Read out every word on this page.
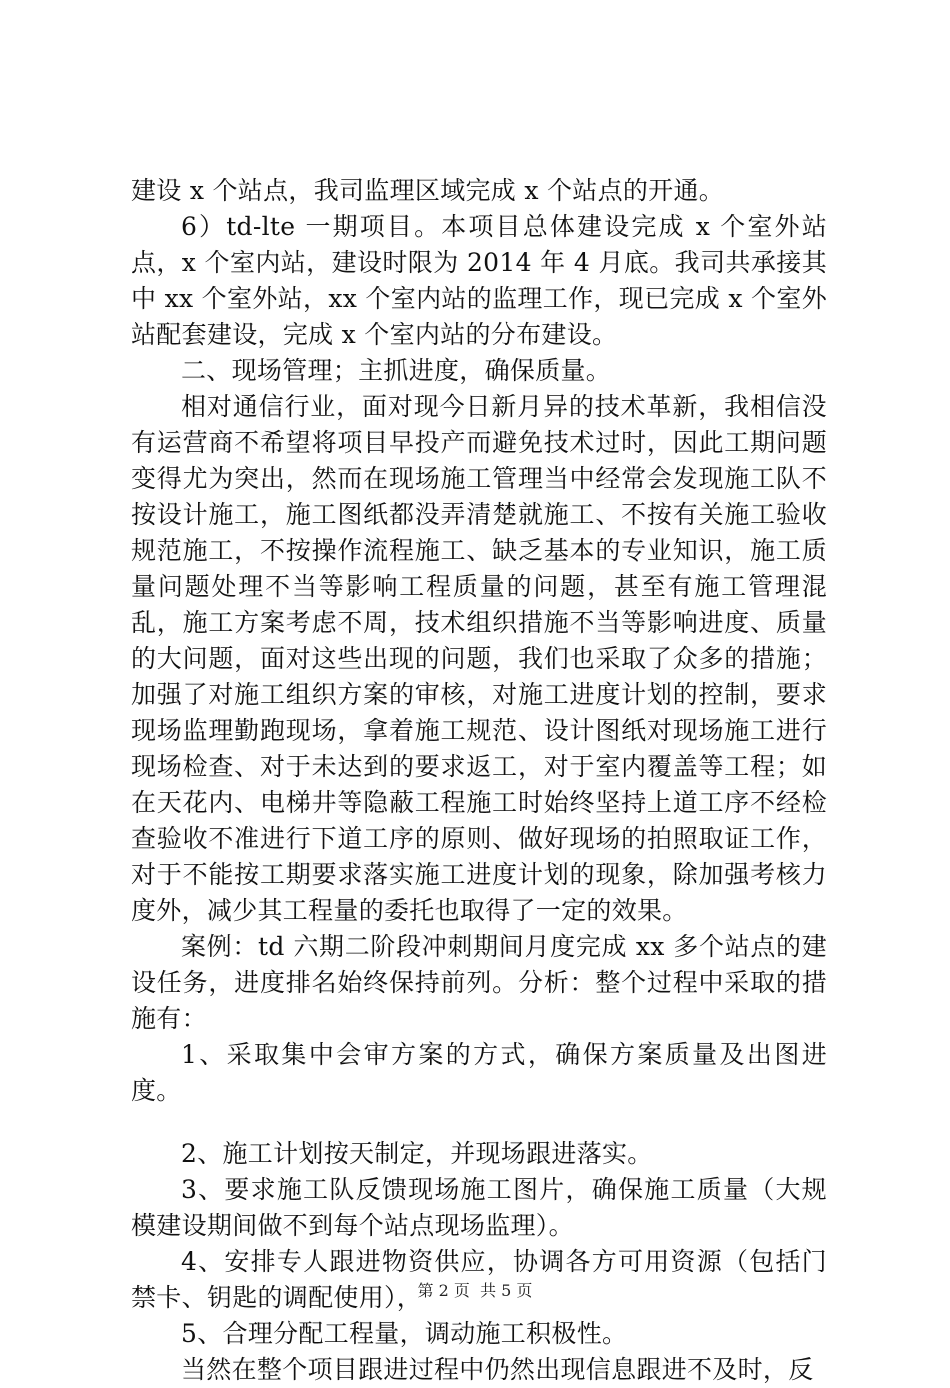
建设 x 个站点，我司监理区域完成 x 个站点的开通。

6）td-lte 一期项目。本项目总体建设完成 x 个室外站点，x 个室内站，建设时限为 2014 年 4 月底。我司共承接其中 xx 个室外站，xx 个室内站的监理工作，现已完成 x 个室外站配套建设，完成 x 个室内站的分布建设。

二、现场管理；主抓进度，确保质量。

相对通信行业，面对现今日新月异的技术革新，我相信没有运营商不希望将项目早投产而避免技术过时，因此工期问题变得尤为突出，然而在现场施工管理当中经常会发现施工队不按设计施工，施工图纸都没弄清楚就施工、不按有关施工验收规范施工，不按操作流程施工、缺乏基本的专业知识，施工质量问题处理不当等影响工程质量的问题，甚至有施工管理混乱，施工方案考虑不周，技术组织措施不当等影响进度、质量的大问题，面对这些出现的问题，我们也采取了众多的措施；加强了对施工组织方案的审核，对施工进度计划的控制，要求现场监理勤跑现场，拿着施工规范、设计图纸对现场施工进行现场检查、对于未达到的要求返工，对于室内覆盖等工程；如在天花内、电梯井等隐蔽工程施工时始终坚持上道工序不经检查验收不准进行下道工序的原则、做好现场的拍照取证工作，对于不能按工期要求落实施工进度计划的现象，除加强考核力度外，减少其工程量的委托也取得了一定的效果。

案例：td 六期二阶段冲刺期间月度完成 xx 多个站点的建设任务，进度排名始终保持前列。分析：整个过程中采取的措施有：

1、采取集中会审方案的方式，确保方案质量及出图进度。

2、施工计划按天制定，并现场跟进落实。

3、要求施工队反馈现场施工图片，确保施工质量（大规模建设期间做不到每个站点现场监理）。

4、安排专人跟进物资供应，协调各方可用资源（包括门禁卡、钥匙的调配使用），

5、合理分配工程量，调动施工积极性。

当然在整个项目跟进过程中仍然出现信息跟进不及时，反

第 2 页  共 5 页
